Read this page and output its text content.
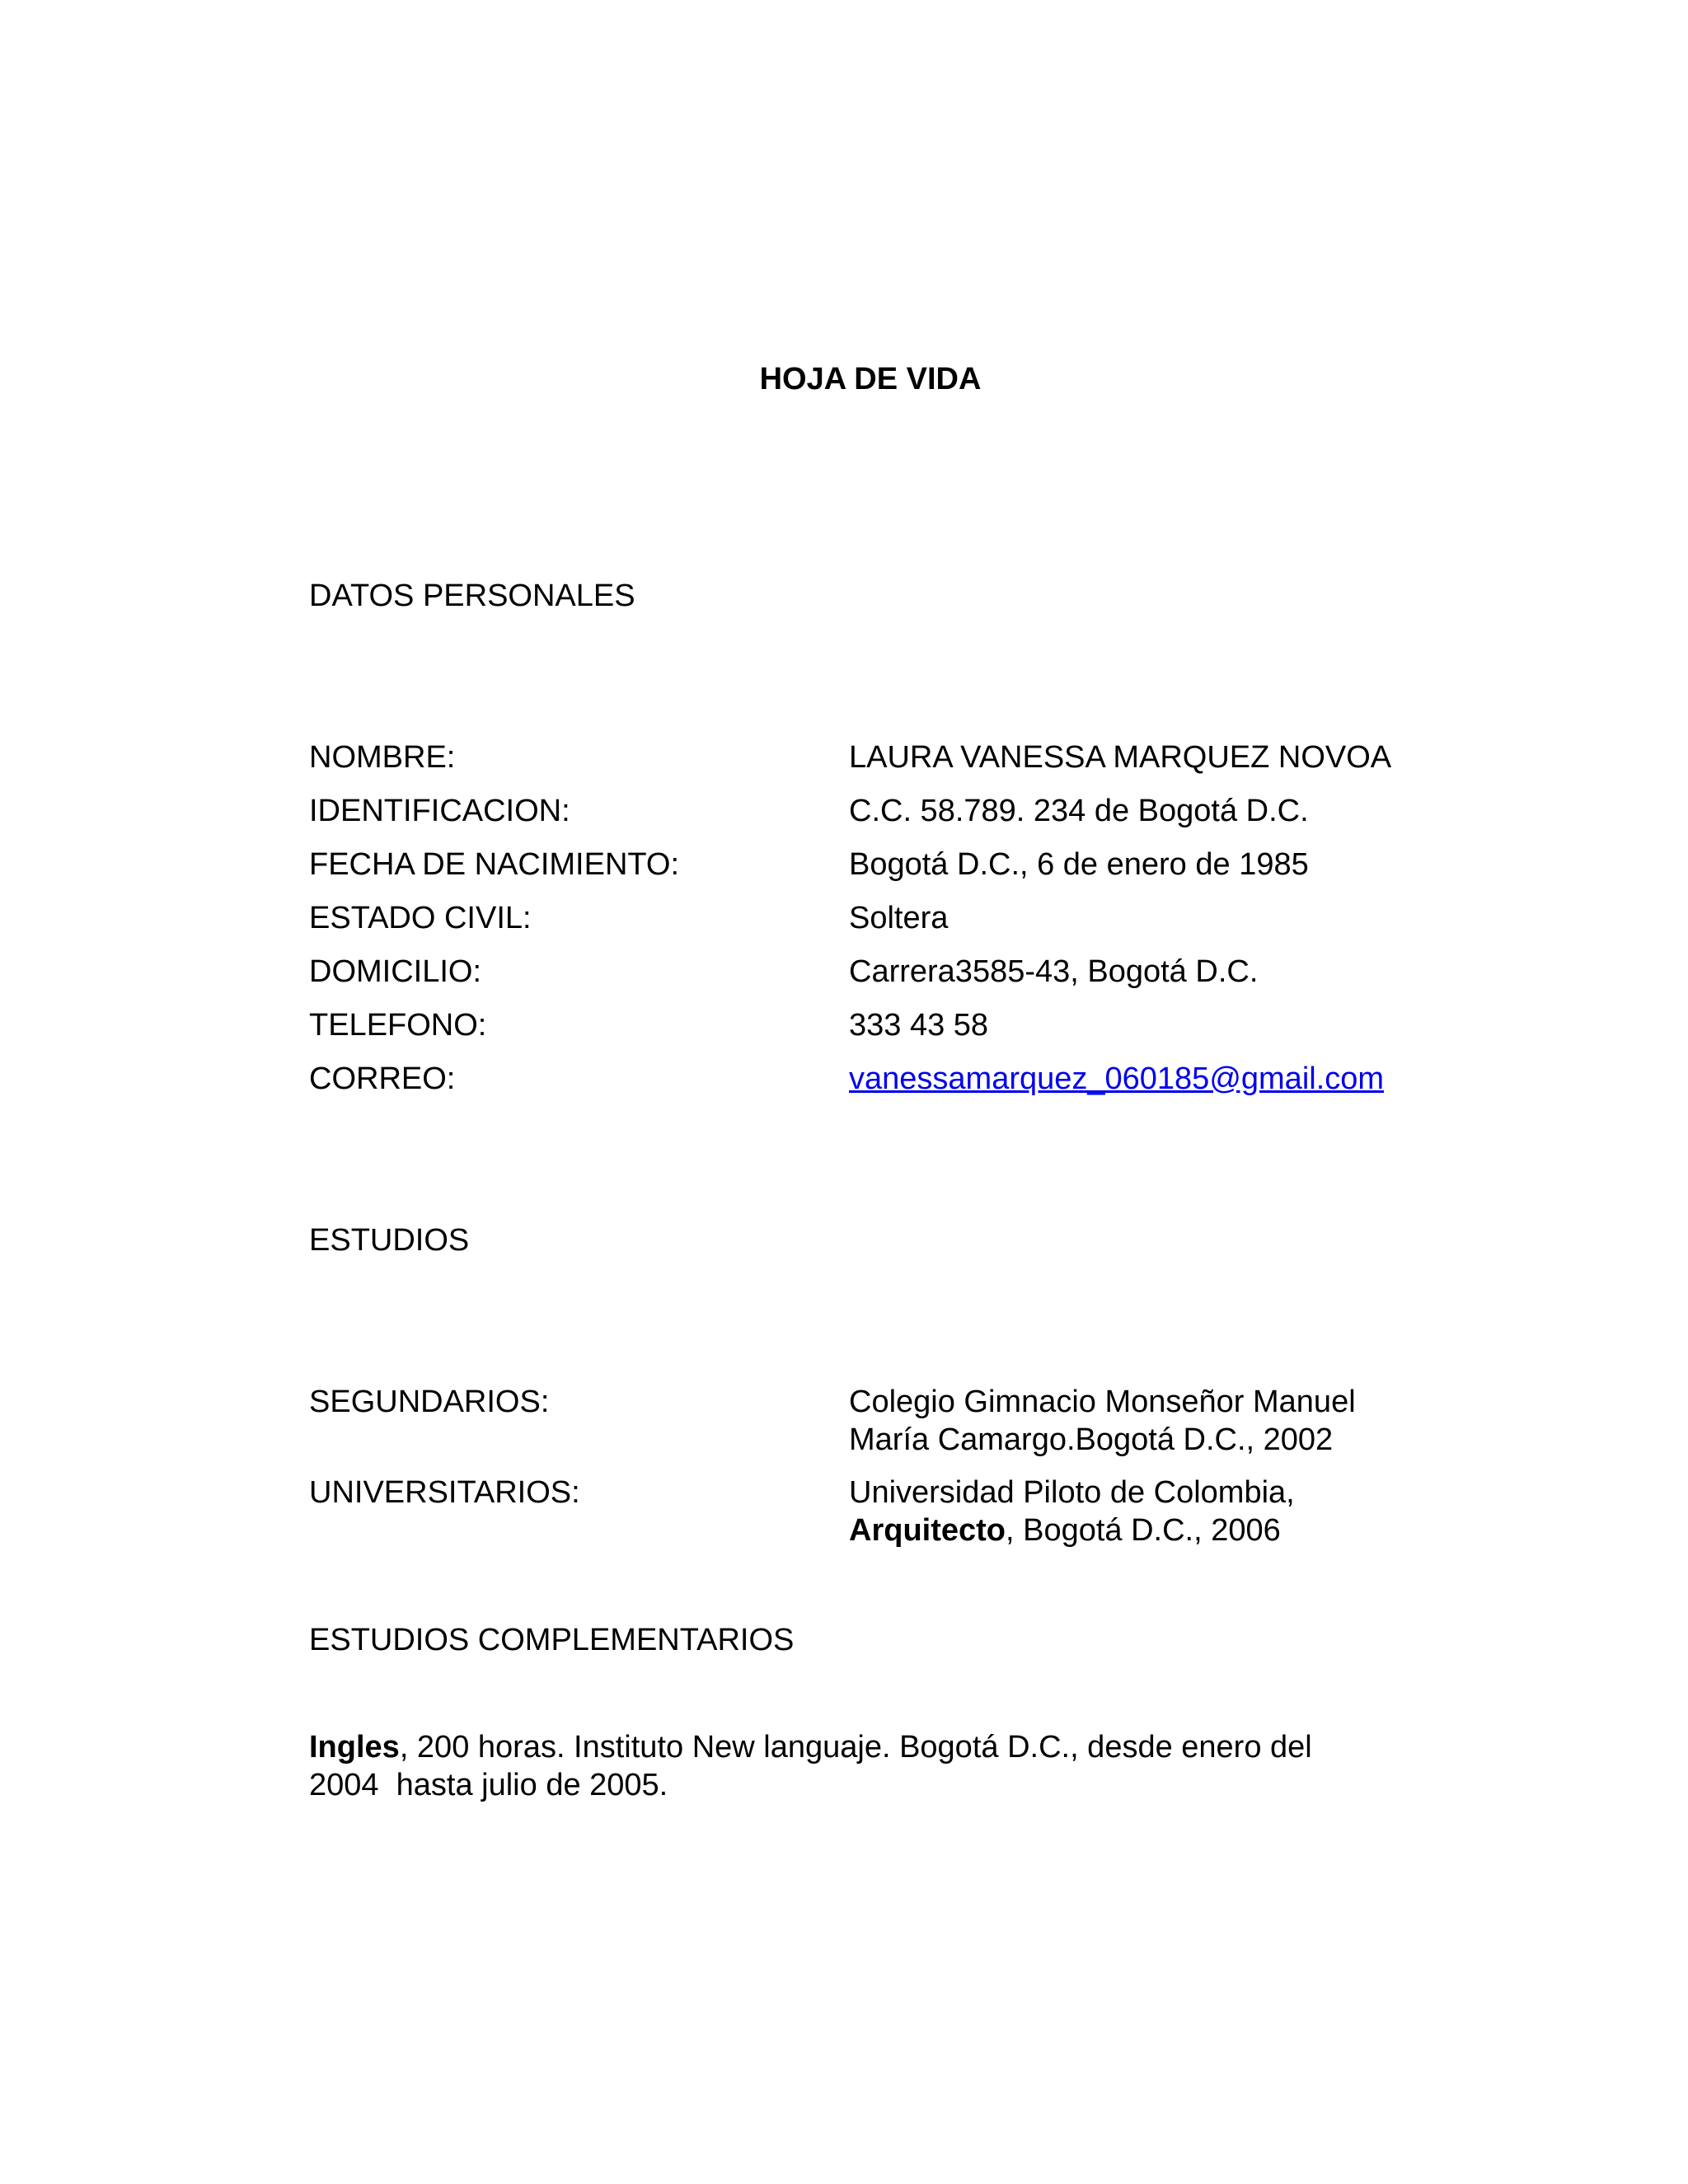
HOJA DE VIDA
DATOS PERSONALES
NOMBRE:	LAURA VANESSA MARQUEZ NOVOA
IDENTIFICACION:	C.C. 58.789. 234 de Bogotá D.C.
FECHA DE NACIMIENTO:	Bogotá D.C., 6 de enero de 1985
ESTADO CIVIL:	Soltera
DOMICILIO:	Carrera3585-43, Bogotá D.C.
TELEFONO:	333 43 58
CORREO:	vanessamarquez_060185@gmail.com
ESTUDIOS
SEGUNDARIOS:	Colegio Gimnacio Monseñor Manuel
María Camargo.Bogotá D.C., 2002
UNIVERSITARIOS:	Universidad Piloto de Colombia,
Arquitecto, Bogotá D.C., 2006
ESTUDIOS COMPLEMENTARIOS
Ingles, 200 horas. Instituto New languaje. Bogotá D.C., desde enero del
2004  hasta julio de 2005.
